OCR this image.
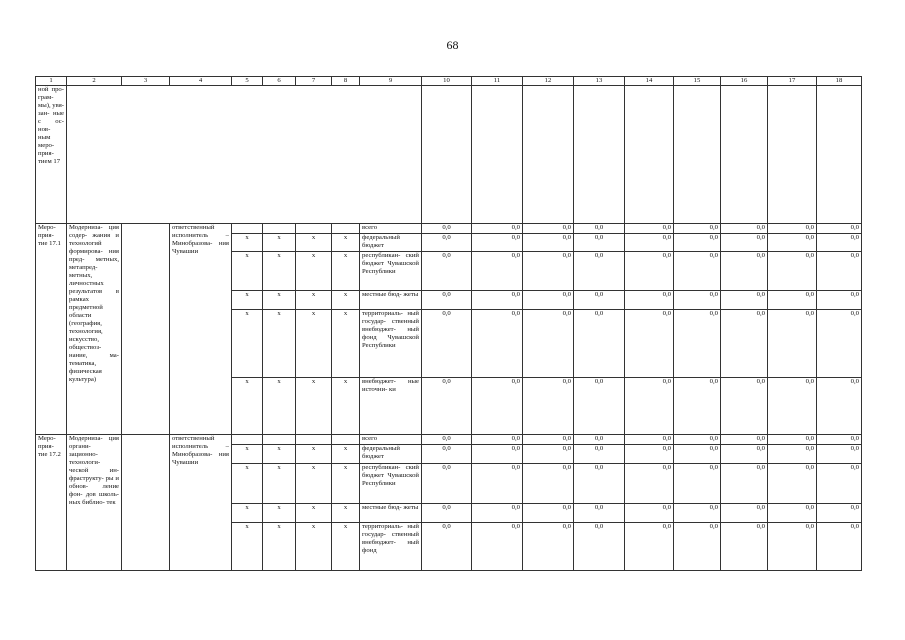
68
1	2	3	4	5	6	7	8	9	10	11	12	13	14	15	16	17	18
ной про- грам- мы), увя- зан- ные с ос- нов- ным меро- прия- тием 17																	
Меро- прия- тие 17.1	Модерниза- ция содер- жания и технологий формирова- ния пред- метных, метапред- метных, личностных результатов в рамках предметной области (география, технология, искусство, обществоз- нание, ма- тематика, физическая культура)		ответственный исполнитель – Минобразова- ния Чувашии					всего	0,0	0,0	0,0	0,0	0,0	0,0	0,0	0,0	0,0
				x	x	x	x	федеральный бюджет	0,0	0,0	0,0	0,0	0,0	0,0	0,0	0,0	0,0
				x	x	x	x	республикан- ский бюджет Чувашской Республики	0,0	0,0	0,0	0,0	0,0	0,0	0,0	0,0	0,0
				x	x	x	x	местные бюд- жеты	0,0	0,0	0,0	0,0	0,0	0,0	0,0	0,0	0,0
				x	x	x	x	территориаль- ный государ- ственный внебюджет- ный фонд Чувашской Республики	0,0	0,0	0,0	0,0	0,0	0,0	0,0	0,0	0,0
				x	x	x	x	внебюджет- ные источни- ки	0,0	0,0	0,0	0,0	0,0	0,0	0,0	0,0	0,0
Меро- прия- тие 17.2	Модерниза- ция органи- зационно- технологи- ческой ин- фраструкту- ры и обнов- ление фон- дов школь- ных библио- тек		ответственный исполнитель – Минобразова- ния Чувашии					всего	0,0	0,0	0,0	0,0	0,0	0,0	0,0	0,0	0,0
				x	x	x	x	федеральный бюджет	0,0	0,0	0,0	0,0	0,0	0,0	0,0	0,0	0,0
				x	x	x	x	республикан- ский бюджет Чувашской Республики	0,0	0,0	0,0	0,0	0,0	0,0	0,0	0,0	0,0
				x	x	x	x	местные бюд- жеты	0,0	0,0	0,0	0,0	0,0	0,0	0,0	0,0	0,0
				x	x	x	x	территориаль- ный государ- ственный внебюджет- ный фонд	0,0	0,0	0,0	0,0	0,0	0,0	0,0	0,0	0,0
